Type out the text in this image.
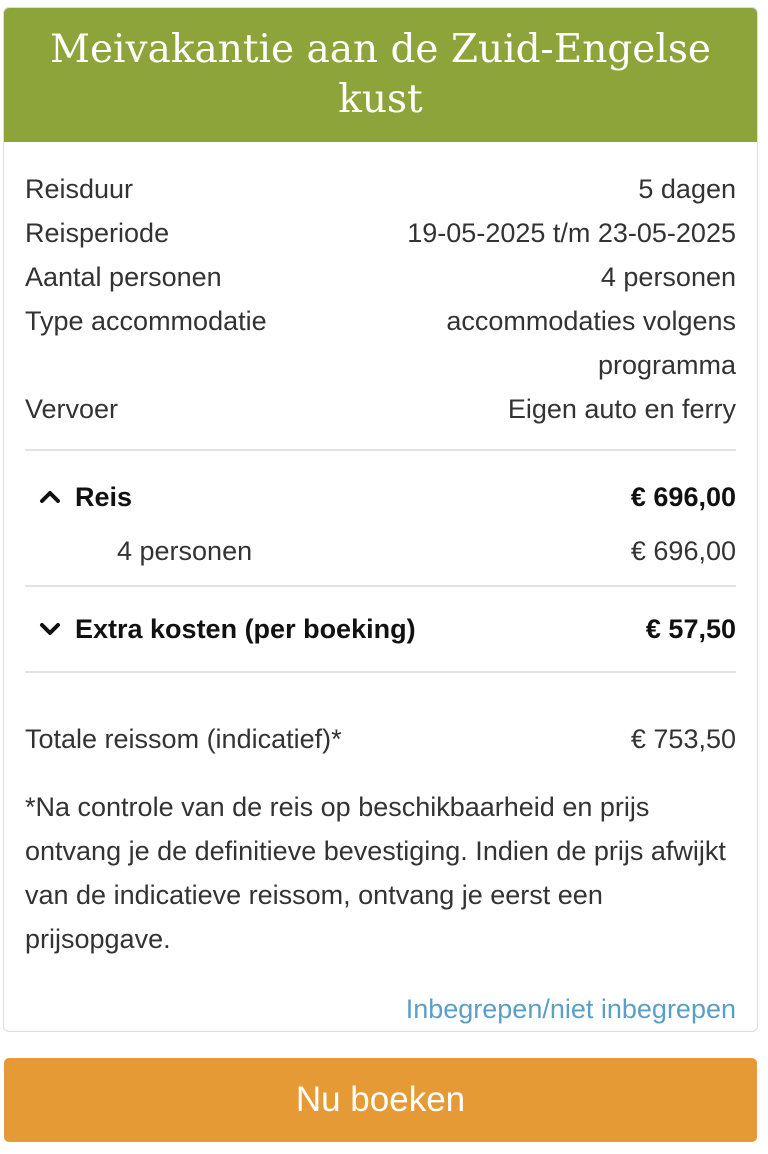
Meivakantie aan de Zuid-Engelse kust
Reisduur	5 dagen
Reisperiode	19-05-2025 t/m 23-05-2025
Aantal personen	4 personen
Type accommodatie	accommodaties volgens programma
Vervoer	Eigen auto en ferry
Reis	€ 696,00
4 personen	€ 696,00
Extra kosten (per boeking)	€ 57,50
Totale reissom (indicatief)*	€ 753,50

*Na controle van de reis op beschikbaarheid en prijs ontvang je de definitieve bevestiging. Indien de prijs afwijkt van de indicatieve reissom, ontvang je eerst een prijsopgave.

Inbegrepen/niet inbegrepen
Nu boeken
